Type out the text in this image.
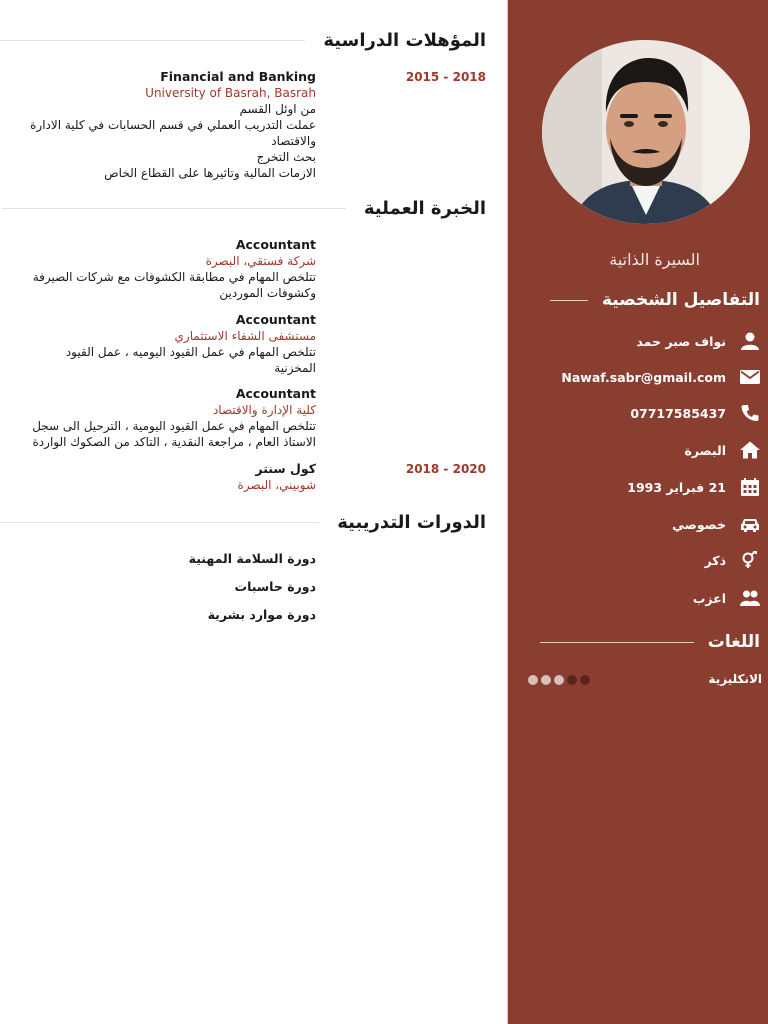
السيرة الذاتية
التفاصيل الشخصية
نواف صبر حمد
Nawaf.sabr@gmail.com
07717585437
البصرة
21 فبراير 1993
خصوصي
ذكر
اعزب
اللغات
الانكليزية
المؤهلات الدراسية
2015 - 2018
Financial and Banking
University of Basrah, Basrah
من اوئل القسم
عملت التدريب العملي في قسم الحسابات في كلية الادارة
والاقتصاد
بحث التخرج
الازمات المالية وتاثيرها على القطاع الخاص
الخبرة العملية
Accountant
شركة فستقي، البصرة
تتلخص المهام في مطابقة الكشوفات مع شركات الصيرفة
وكشوفات الموردين
Accountant
مستشفى الشفاء الاستثماري
تتلخص المهام في عمل القيود اليوميه ، عمل القيود
المخزنية
Accountant
كلية الإدارة والاقتصاد
تتلخص المهام في عمل القيود اليومية ، الترحيل الى سجل
الاستاذ العام ، مراجعة النقدية ، التاكد من الصكوك الواردة
2018 - 2020
كول سنتر
شوبيني، البصرة
الدورات التدريبية
دورة السلامة المهنية
دورة حاسبات
دورة موارد بشرية
